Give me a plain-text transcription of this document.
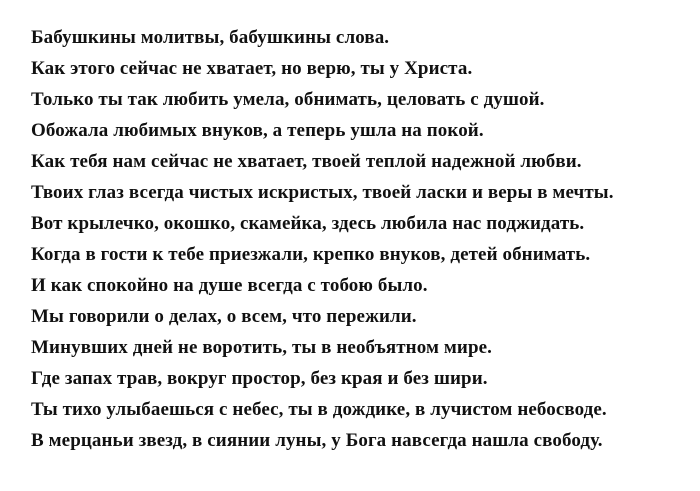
Бабушкины молитвы, бабушкины слова.
Как этого сейчас не хватает, но верю, ты у Христа.
Только ты так любить умела, обнимать, целовать с душой.
Обожала любимых внуков, а теперь ушла на покой.
Как тебя нам сейчас не хватает, твоей теплой надежной любви.
Твоих глаз всегда чистых искристых, твоей ласки и веры в мечты.
Вот крылечко, окошко, скамейка, здесь любила нас поджидать.
Когда в гости к тебе приезжали, крепко внуков, детей обнимать.
И как спокойно на душе всегда с тобою было.
Мы говорили о делах, о всем, что пережили.
Минувших дней не воротить, ты в необъятном мире.
Где запах трав, вокруг простор, без края и без шири.
Ты тихо улыбаешься с небес, ты в дождике, в лучистом небосводе.
В мерцаньи звезд, в сиянии луны, у Бога навсегда нашла свободу.
